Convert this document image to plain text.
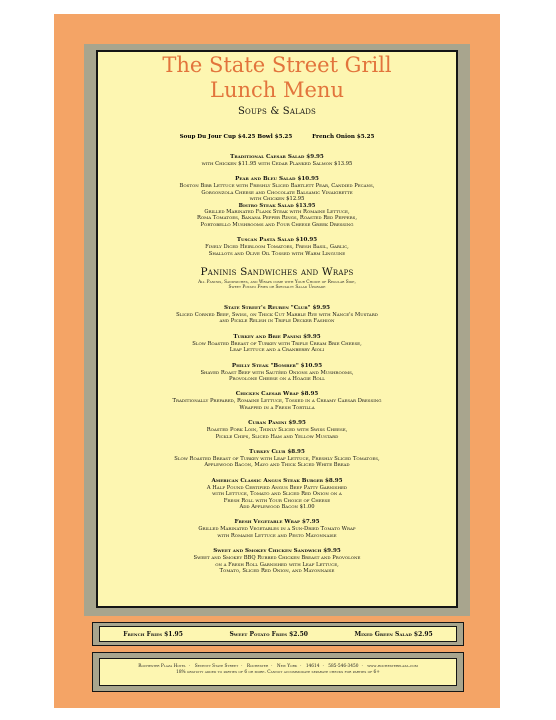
The State Street Grill
Lunch Menu
Soups & Salads
Soup Du Jour Cup $4.25 Bowl $5.25	French Onion $5.25
Traditional Caesar Salad $9.95
with Chicken $11.95 with Cedar Planked Salmon $13.95
Pear and Bleu Salad $10.95
Boston Bibb Lettuce with Freshly Sliced Bartlett Pear, Candied Pecans,
Gorgonzola Cheese and Chocolate Balsamic Vinaigrette
with Chicken $12.95
Bistro Steak Salad $13.95
Grilled Marinated Flank Steak with Romaine Lettuce,
Roma Tomatoes, Banana Pepper Rings, Roasted Red Peppers,
Portobello Mushrooms and Four Cheese Greek Dressing
Tuscan Pasta Salad $10.95
Finely Diced Heirloom Tomatoes, Fresh Basil, Garlic,
Shallots and Olive Oil Tossed with Warm Linguine
Paninis Sandwiches and Wraps
All Paninis, Sandwiches, and Wraps come with Your Choice of Regular Side,
Sweet Potato Fries or Specialty Salad Upgrade
State Street's Reuben "Club" $9.95
Sliced Corned Beef, Swiss, on Thick Cut Marble Rye with Nance's Mustard
and Pickle Relish in Triple Decker Fashion
Turkey and Brie Panini $9.95
Slow Roasted Breast of Turkey with Triple Cream Brie Cheese,
Leaf Lettuce and a Cranberry Aioli
Philly Steak "Bomber" $10.95
Shaved Roast Beef with Sautéed Onions and Mushrooms,
Provolone Cheese on a Hoagie Roll
Chicken Caesar Wrap $8.95
Traditionally Prepared, Romaine Lettuce, Tossed in a Creamy Caesar Dressing
Wrapped in a Fresh Tortilla
Cuban Panini $9.95
Roasted Pork Loin, Thinly Sliced with Swiss Cheese,
Pickle Chips, Sliced Ham and Yellow Mustard
Turkey Club $8.95
Slow Roasted Breast of Turkey with Leaf Lettuce, Freshly Sliced Tomatoes,
Applewood Bacon, Mayo and Thick Sliced White Bread
American Classic Angus Steak Burger $8.95
A Half Pound Certified Angus Beef Patty Garnished
with Lettuce, Tomato and Sliced Red Onion on a
Fresh Roll with Your Choice of Cheese
Add Applewood Bacon $1.00
Fresh Vegetable Wrap $7.95
Grilled Marinated Vegetables in a Sun-Dried Tomato Wrap
with Romaine Lettuce and Pesto Mayonnaise
Sweet and Smokey Chicken Sandwich $9.95
Sweet and Smokey BBQ Rubbed Chicken Breast and Provolone
on a Fresh Roll Garnished with Leaf Lettuce,
Tomato, Sliced Red Onion, and Mayonnaise
French Fries $1.95	Sweet Potato Fries $2.50	Mixed Green Salad $2.95
Rochester Plaza Hotel · Seventy State Street · Rochester · New York · 14614 · 585-546-3450 · www.rochesterplaza.com
18% gratuity added to parties of 6 or more. Cannot accommodate separate checks for parties of 6+
